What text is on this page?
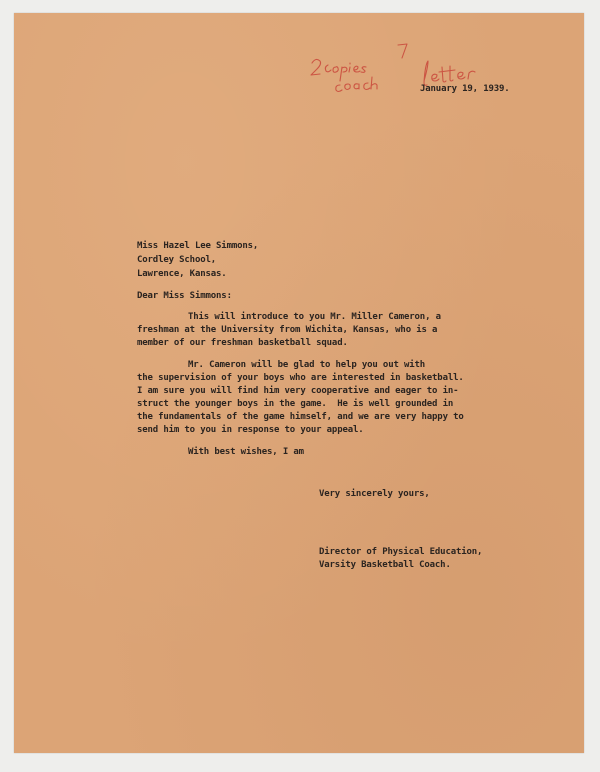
January 19, 1939.
Miss Hazel Lee Simmons,
Cordley School,
Lawrence, Kansas.
Dear Miss Simmons:
This will introduce to you Mr. Miller Cameron, a
freshman at the University from Wichita, Kansas, who is a
member of our freshman basketball squad.
Mr. Cameron will be glad to help you out with
the supervision of your boys who are interested in basketball.
I am sure you will find him very cooperative and eager to in-
struct the younger boys in the game.  He is well grounded in
the fundamentals of the game himself, and we are very happy to
send him to you in response to your appeal.
With best wishes, I am
Very sincerely yours,
Director of Physical Education,
Varsity Basketball Coach.
